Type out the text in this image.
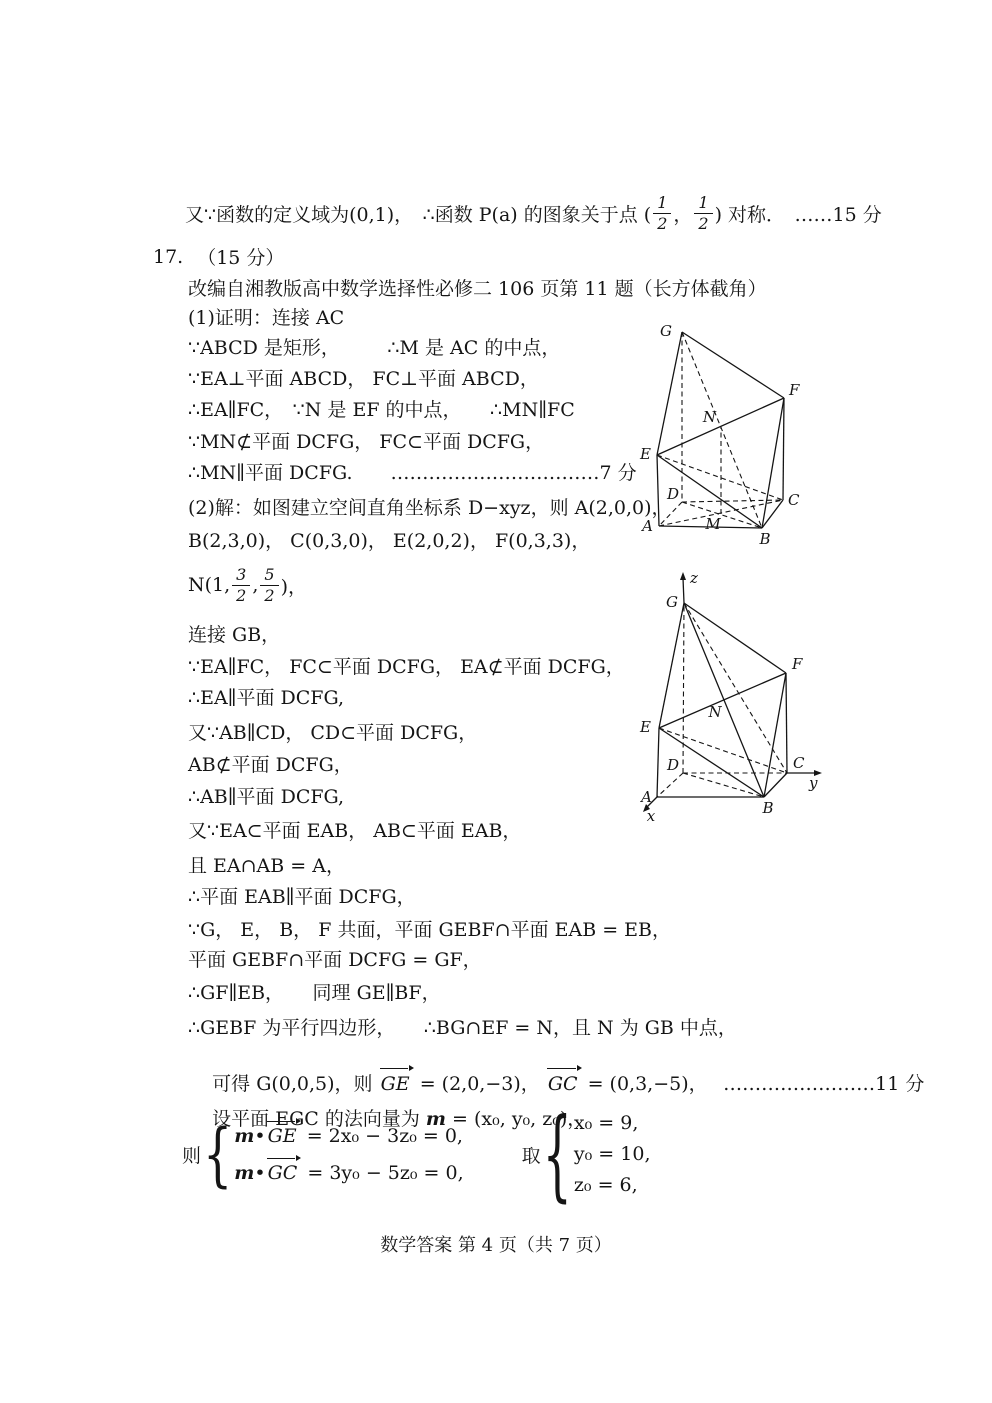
又∵函数的定义域为(0,1)，　 ∴函数 P(a) 的图象关于点 ( $\frac{1}{2}$ ， $\frac{1}{2}$ ) 对称．　……15 分
17. （15 分）
改编自湘教版高中数学选择性必修二 106 页第 11 题（长方体截角）
(1)证明：连接 AC
∵ABCD 是矩形，　　　∴M 是 AC 的中点，
∵EA⊥平面 ABCD， FC⊥平面 ABCD，
∴EA∥FC，　∵N 是 EF 的中点，　　∴MN∥FC
∵MN⊄平面 DCFG， FC⊂平面 DCFG，
∴MN∥平面 DCFG.　　……………………………7 分
(2)解：如图建立空间直角坐标系 D−xyz，则 A(2,0,0)，
B(2,3,0)， C(0,3,0)， E(2,0,2)， F(0,3,3)，
N(1, $\frac{3}{2}$ , $\frac{5}{2}$ )，
连接 GB，
∵EA∥FC， FC⊂平面 DCFG， EA⊄平面 DCFG，
∴EA∥平面 DCFG,
又∵AB∥CD， CD⊂平面 DCFG，
AB⊄平面 DCFG，
∴AB∥平面 DCFG,
又∵EA⊂平面 EAB， AB⊂平面 EAB，
且 EA∩AB = A，
∴平面 EAB∥平面 DCFG，
∵G， E， B， F 共面，平面 GEBF∩平面 EAB = EB，
平面 GEBF∩平面 DCFG = GF，
∴GF∥EB，　　同理 GE∥BF，
∴GEBF 为平行四边形，　　∴BG∩EF = N，且 N 为 GB 中点，

可得 G(0,0,5)，则 GE = (2,0,−3)， GC = (0,3,−5)，　 ……………………11 分

设平面 EGC 的法向量为 m = (x₀, y₀, z₀)，

则 { m• GE = 2x₀ − 3z₀ = 0,
m• GC = 3y₀ − 5z₀ = 0,
取 { x₀ = 9,
y₀ = 10,
z₀ = 6,
G
F
N
E
D	C
A	M
B
z
G
F
N
E
D	C
y
A
x	B
数学答案 第 4 页（共 7 页）
